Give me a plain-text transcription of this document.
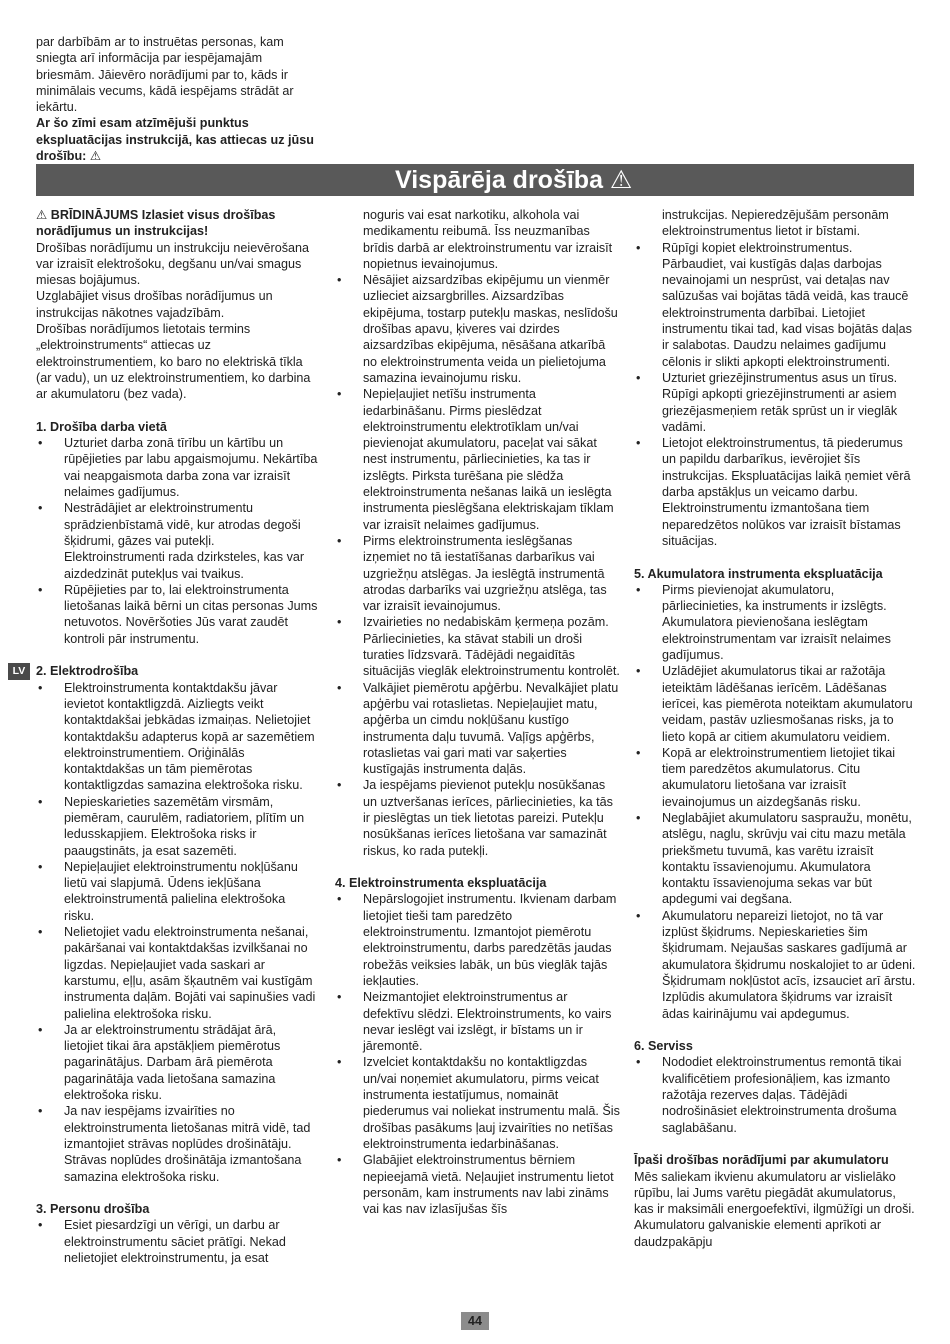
par darbībām ar to instruētas personas, kam sniegta arī informācija par iespējamajām briesmām. Jāievēro norādījumi par to, kāds ir minimālais vecums, kādā iespējams strādāt ar iekārtu.

Ar šo zīmi esam atzīmējuši punktus ekspluatācijas instrukcijā, kas attiecas uz jūsu drošību: ⚠

Vispārēja drošība ⚠
LV

⚠ BRĪDINĀJUMS Izlasiet visus drošības norādījumus un instrukcijas!

Drošības norādījumu un instrukciju neievērošana var izraisīt elektrošoku, degšanu un/vai smagus miesas bojājumus.

Uzglabājiet visus drošības norādījumus un instrukcijas nākotnes vajadzībām.

Drošības norādījumos lietotais termins „elektroinstruments“ attiecas uz elektroinstrumentiem, ko baro no elektriskā tīkla (ar vadu), un uz elektroinstrumentiem, ko darbina ar akumulatoru (bez vada).

1. Drošība darba vietā
• Uzturiet darba zonā tīrību un kārtību un rūpējieties par labu apgaismojumu. Nekārtība vai neapgaismota darba zona var izraisīt nelaimes gadījumus.
• Nestrādājiet ar elektroinstrumentu sprādzienbīstamā vidē, kur atrodas degoši šķidrumi, gāzes vai putekļi. Elektroinstrumenti rada dzirksteles, kas var aizdedzināt putekļus vai tvaikus.
• Rūpējieties par to, lai elektroinstrumenta lietošanas laikā bērni un citas personas Jums netuvotos. Novēršoties Jūs varat zaudēt kontroli pār instrumentu.
2. Elektrodrošība
• Elektroinstrumenta kontaktdakšu jāvar ievietot kontaktligzdā. Aizliegts veikt kontaktdakšai jebkādas izmaiņas. Nelietojiet kontaktdakšu adapterus kopā ar sazemētiem elektroinstrumentiem. Oriģinālās kontaktdakšas un tām piemērotas kontaktligzdas samazina elektrošoka risku.
• Nepieskarieties sazemētām virsmām, piemēram, caurulēm, radiatoriem, plītīm un ledusskapjiem. Elektrošoka risks ir paaugstināts, ja esat sazemēti.
• Nepieļaujiet elektroinstrumentu nokļūšanu lietū vai slapjumā. Ūdens iekļūšana elektroinstrumentā palielina elektrošoka risku.
• Nelietojiet vadu elektroinstrumenta nešanai, pakāršanai vai kontaktdakšas izvilkšanai no ligzdas. Nepieļaujiet vada saskari ar karstumu, eļļu, asām šķautnēm vai kustīgām instrumenta daļām. Bojāti vai sapinušies vadi palielina elektrošoka risku.
• Ja ar elektroinstrumentu strādājat ārā, lietojiet tikai āra apstākļiem piemērotus pagarinātājus. Darbam ārā piemērota pagarinātāja vada lietošana samazina elektrošoka risku.
• Ja nav iespējams izvairīties no elektroinstrumenta lietošanas mitrā vidē, tad izmantojiet strāvas noplūdes drošinātāju. Strāvas noplūdes drošinātāja izmantošana samazina elektrošoka risku.
3. Personu drošība
• Esiet piesardzīgi un vērīgi, un darbu ar elektroinstrumentu sāciet prātīgi. Nekad nelietojiet elektroinstrumentu, ja esat

noguris vai esat narkotiku, alkohola vai medikamentu reibumā. Īss neuzmanības brīdis darbā ar elektroinstrumentu var izraisīt nopietnus ievainojumus.

• Nēsājiet aizsardzības ekipējumu un vienmēr uzlieciet aizsargbrilles. Aizsardzības ekipējuma, tostarp putekļu maskas, neslīdošu drošības apavu, ķiveres vai dzirdes aizsardzības ekipējuma, nēsāšana atkarībā no elektroinstrumenta veida un pielietojuma samazina ievainojumu risku.
• Nepieļaujiet netīšu instrumenta iedarbināšanu. Pirms pieslēdzat elektroinstrumentu elektrotīklam un/vai pievienojat akumulatoru, paceļat vai sākat nest instrumentu, pārliecinieties, ka tas ir izslēgts. Pirksta turēšana pie slēdža elektroinstrumenta nešanas laikā un ieslēgta instrumenta pieslēgšana elektriskajam tīklam var izraisīt nelaimes gadījumus.
• Pirms elektroinstrumenta ieslēgšanas izņemiet no tā iestatīšanas darbarīkus vai uzgriežņu atslēgas. Ja ieslēgtā instrumentā atrodas darbarīks vai uzgriežņu atslēga, tas var izraisīt ievainojumus.
• Izvairieties no nedabiskām ķermeņa pozām. Pārliecinieties, ka stāvat stabili un droši turaties līdzsvarā. Tādējādi negaidītās situācijās vieglāk elektroinstrumentu kontrolēt.
• Valkājiet piemērotu apģērbu. Nevalkājiet platu apģērbu vai rotaslietas. Nepieļaujiet matu, apģērba un cimdu nokļūšanu kustīgo instrumenta daļu tuvumā. Vaļīgs apģērbs, rotaslietas vai gari mati var saķerties kustīgajās instrumenta daļās.
• Ja iespējams pievienot putekļu nosūkšanas un uztveršanas ierīces, pārliecinieties, ka tās ir pieslēgtas un tiek lietotas pareizi. Putekļu nosūkšanas ierīces lietošana var samazināt riskus, ko rada putekļi.
4. Elektroinstrumenta ekspluatācija
• Nepārslogojiet instrumentu. Ikvienam darbam lietojiet tieši tam paredzēto elektroinstrumentu. Izmantojot piemērotu elektroinstrumentu, darbs paredzētās jaudas robežās veiksies labāk, un būs vieglāk tajās iekļauties.
• Neizmantojiet elektroinstrumentus ar defektīvu slēdzi. Elektroinstruments, ko vairs nevar ieslēgt vai izslēgt, ir bīstams un ir jāremontē.
• Izvelciet kontaktdakšu no kontaktligzdas un/vai noņemiet akumulatoru, pirms veicat instrumenta iestatījumus, nomaināt piederumus vai noliekat instrumentu malā. Šis drošības pasākums ļauj izvairīties no netīšas elektroinstrumenta iedarbināšanas.
• Glabājiet elektroinstrumentus bērniem nepieejamā vietā. Neļaujiet instrumentu lietot personām, kam instruments nav labi zināms vai kas nav izlasījušas šīs

instrukcijas. Nepieredzējušām personām elektroinstrumentus lietot ir bīstami.

• Rūpīgi kopiet elektroinstrumentus. Pārbaudiet, vai kustīgās daļas darbojas nevainojami un nesprūst, vai detaļas nav salūzušas vai bojātas tādā veidā, kas traucē elektroinstrumenta darbībai. Lietojiet instrumentu tikai tad, kad visas bojātās daļas ir salabotas. Daudzu nelaimes gadījumu cēlonis ir slikti apkopti elektroinstrumenti.
• Uzturiet griezējinstrumentus asus un tīrus. Rūpīgi apkopti griezējinstrumenti ar asiem griezējasmeņiem retāk sprūst un ir vieglāk vadāmi.
• Lietojot elektroinstrumentus, tā piederumus un papildu darbarīkus, ievērojiet šīs instrukcijas. Ekspluatācijas laikā ņemiet vērā darba apstākļus un veicamo darbu. Elektroinstrumentu izmantošana tiem neparedzētos nolūkos var izraisīt bīstamas situācijas.
5. Akumulatora instrumenta ekspluatācija
• Pirms pievienojat akumulatoru, pārliecinieties, ka instruments ir izslēgts. Akumulatora pievienošana ieslēgtam elektroinstrumentam var izraisīt nelaimes gadījumus.
• Uzlādējiet akumulatorus tikai ar ražotāja ieteiktām lādēšanas ierīcēm. Lādēšanas ierīcei, kas piemērota noteiktam akumulatoru veidam, pastāv uzliesmošanas risks, ja to lieto kopā ar citiem akumulatoru veidiem.
• Kopā ar elektroinstrumentiem lietojiet tikai tiem paredzētos akumulatorus. Citu akumulatoru lietošana var izraisīt ievainojumus un aizdegšanās risku.
• Neglabājiet akumulatoru saspraužu, monētu, atslēgu, naglu, skrūvju vai citu mazu metāla priekšmetu tuvumā, kas varētu izraisīt kontaktu īssavienojumu. Akumulatora kontaktu īssavienojuma sekas var būt apdegumi vai degšana.
• Akumulatoru nepareizi lietojot, no tā var izplūst šķidrums. Nepieskarieties šim šķidrumam. Nejaušas saskares gadījumā ar akumulatora šķidrumu noskalojiet to ar ūdeni. Šķidrumam nokļūstot acīs, izsauciet arī ārstu. Izplūdis akumulatora šķidrums var izraisīt ādas kairinājumu vai apdegumus.
6. Serviss
• Nododiet elektroinstrumentus remontā tikai kvalificētiem profesionāļiem, kas izmanto ražotāja rezerves daļas. Tādējādi nodrošināsiet elektroinstrumenta drošuma saglabāšanu.
Īpaši drošības norādījumi par akumulatoru

Mēs saliekam ikvienu akumulatoru ar vislielāko rūpību, lai Jums varētu piegādāt akumulatorus, kas ir maksimāli energoefektīvi, ilgmūžīgi un droši. Akumulatoru galvaniskie elementi aprīkoti ar daudzpakāpju

44
